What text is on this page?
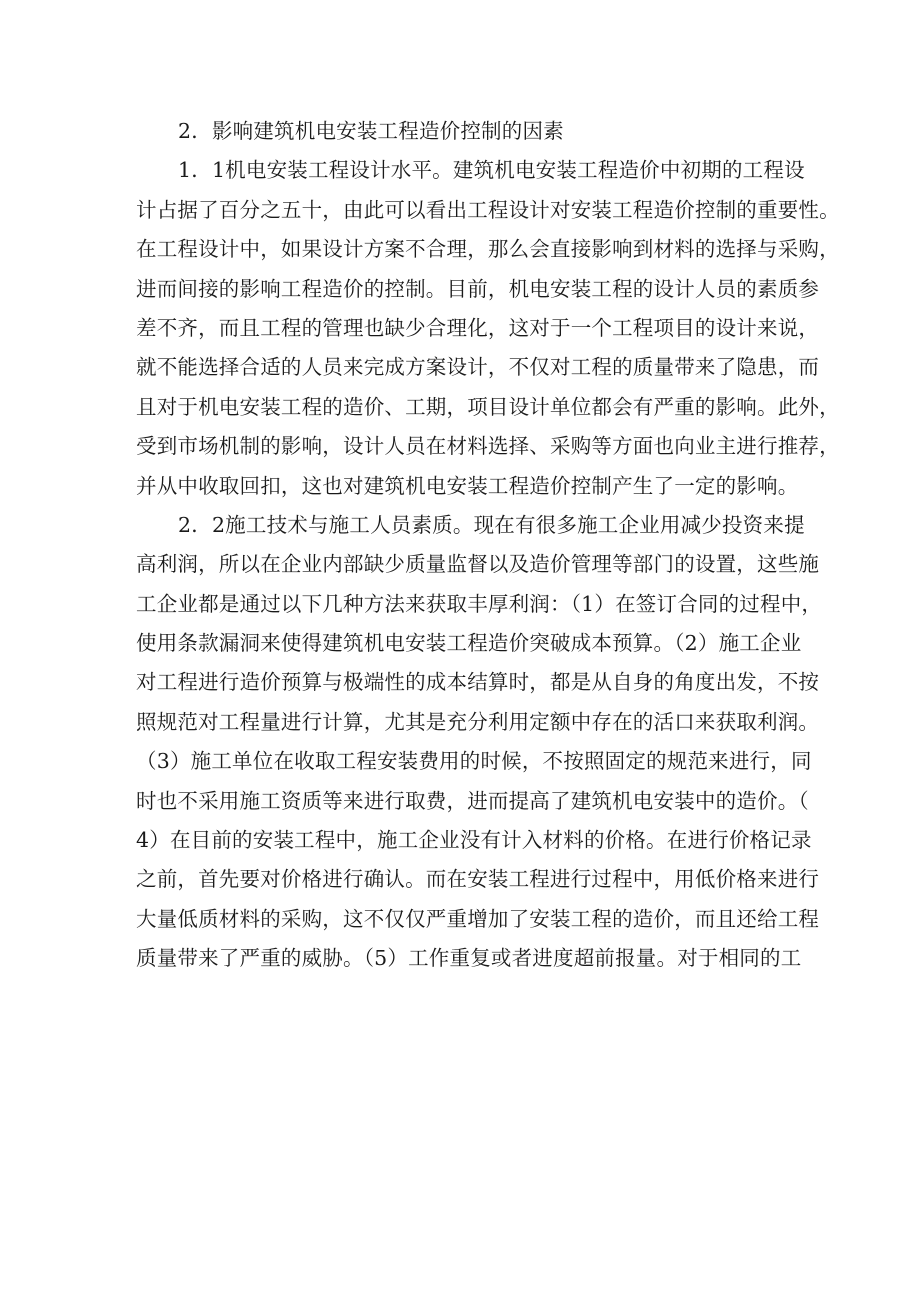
2．影响建筑机电安装工程造价控制的因素
1．1机电安装工程设计水平。建筑机电安装工程造价中初期的工程设
计占据了百分之五十，由此可以看出工程设计对安装工程造价控制的重要性。
在工程设计中，如果设计方案不合理，那么会直接影响到材料的选择与采购，
进而间接的影响工程造价的控制。目前，机电安装工程的设计人员的素质参
差不齐，而且工程的管理也缺少合理化，这对于一个工程项目的设计来说，
就不能选择合适的人员来完成方案设计，不仅对工程的质量带来了隐患，而
且对于机电安装工程的造价、工期，项目设计单位都会有严重的影响。此外，
受到市场机制的影响，设计人员在材料选择、采购等方面也向业主进行推荐，
并从中收取回扣，这也对建筑机电安装工程造价控制产生了一定的影响。
2．2施工技术与施工人员素质。现在有很多施工企业用减少投资来提
高利润，所以在企业内部缺少质量监督以及造价管理等部门的设置，这些施
工企业都是通过以下几种方法来获取丰厚利润：（1）在签订合同的过程中，
使用条款漏洞来使得建筑机电安装工程造价突破成本预算。（2）施工企业
对工程进行造价预算与极端性的成本结算时，都是从自身的角度出发，不按
照规范对工程量进行计算，尤其是充分利用定额中存在的活口来获取利润。
（3）施工单位在收取工程安装费用的时候，不按照固定的规范来进行，同
时也不采用施工资质等来进行取费，进而提高了建筑机电安装中的造价。（
4）在目前的安装工程中，施工企业没有计入材料的价格。在进行价格记录
之前，首先要对价格进行确认。而在安装工程进行过程中，用低价格来进行
大量低质材料的采购，这不仅仅严重增加了安装工程的造价，而且还给工程
质量带来了严重的威胁。（5）工作重复或者进度超前报量。对于相同的工
